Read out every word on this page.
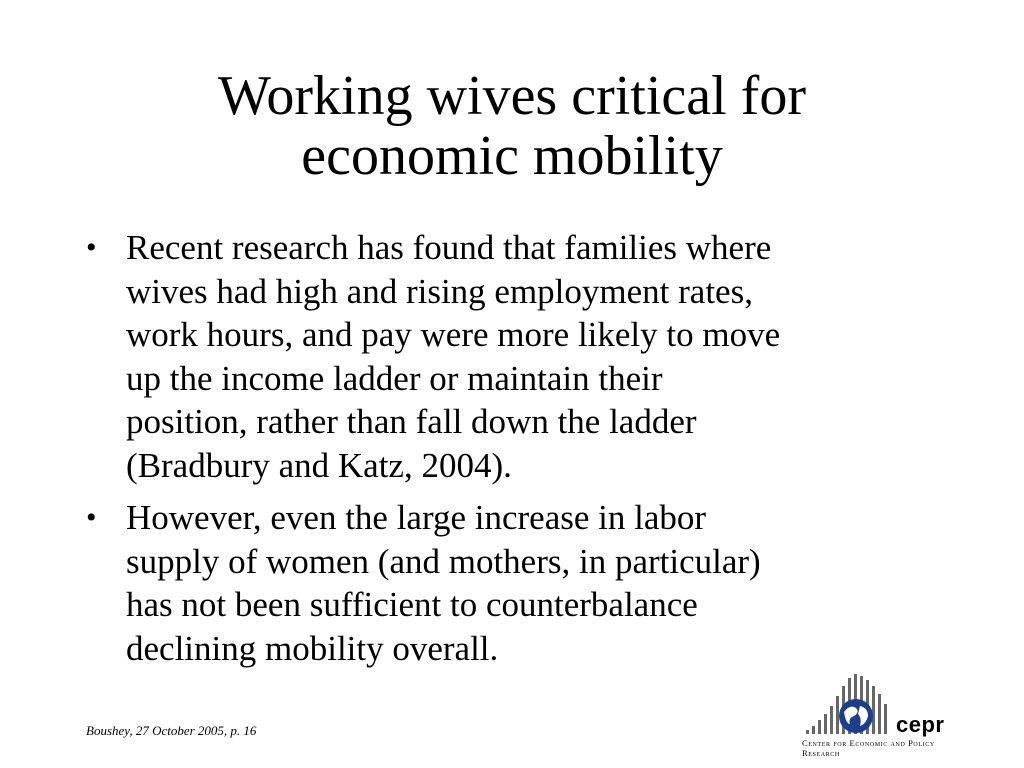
Working wives critical for
economic mobility
• Recent research has found that families where
wives had high and rising employment rates,
work hours, and pay were more likely to move
up the income ladder or maintain their
position, rather than fall down the ladder
(Bradbury and Katz, 2004).
• However, even the large increase in labor
supply of women (and mothers, in particular)
has not been sufficient to counterbalance
declining mobility overall.
Boushey, 27 October 2005, p. 16	cepr
Center for Economic and Policy Research
